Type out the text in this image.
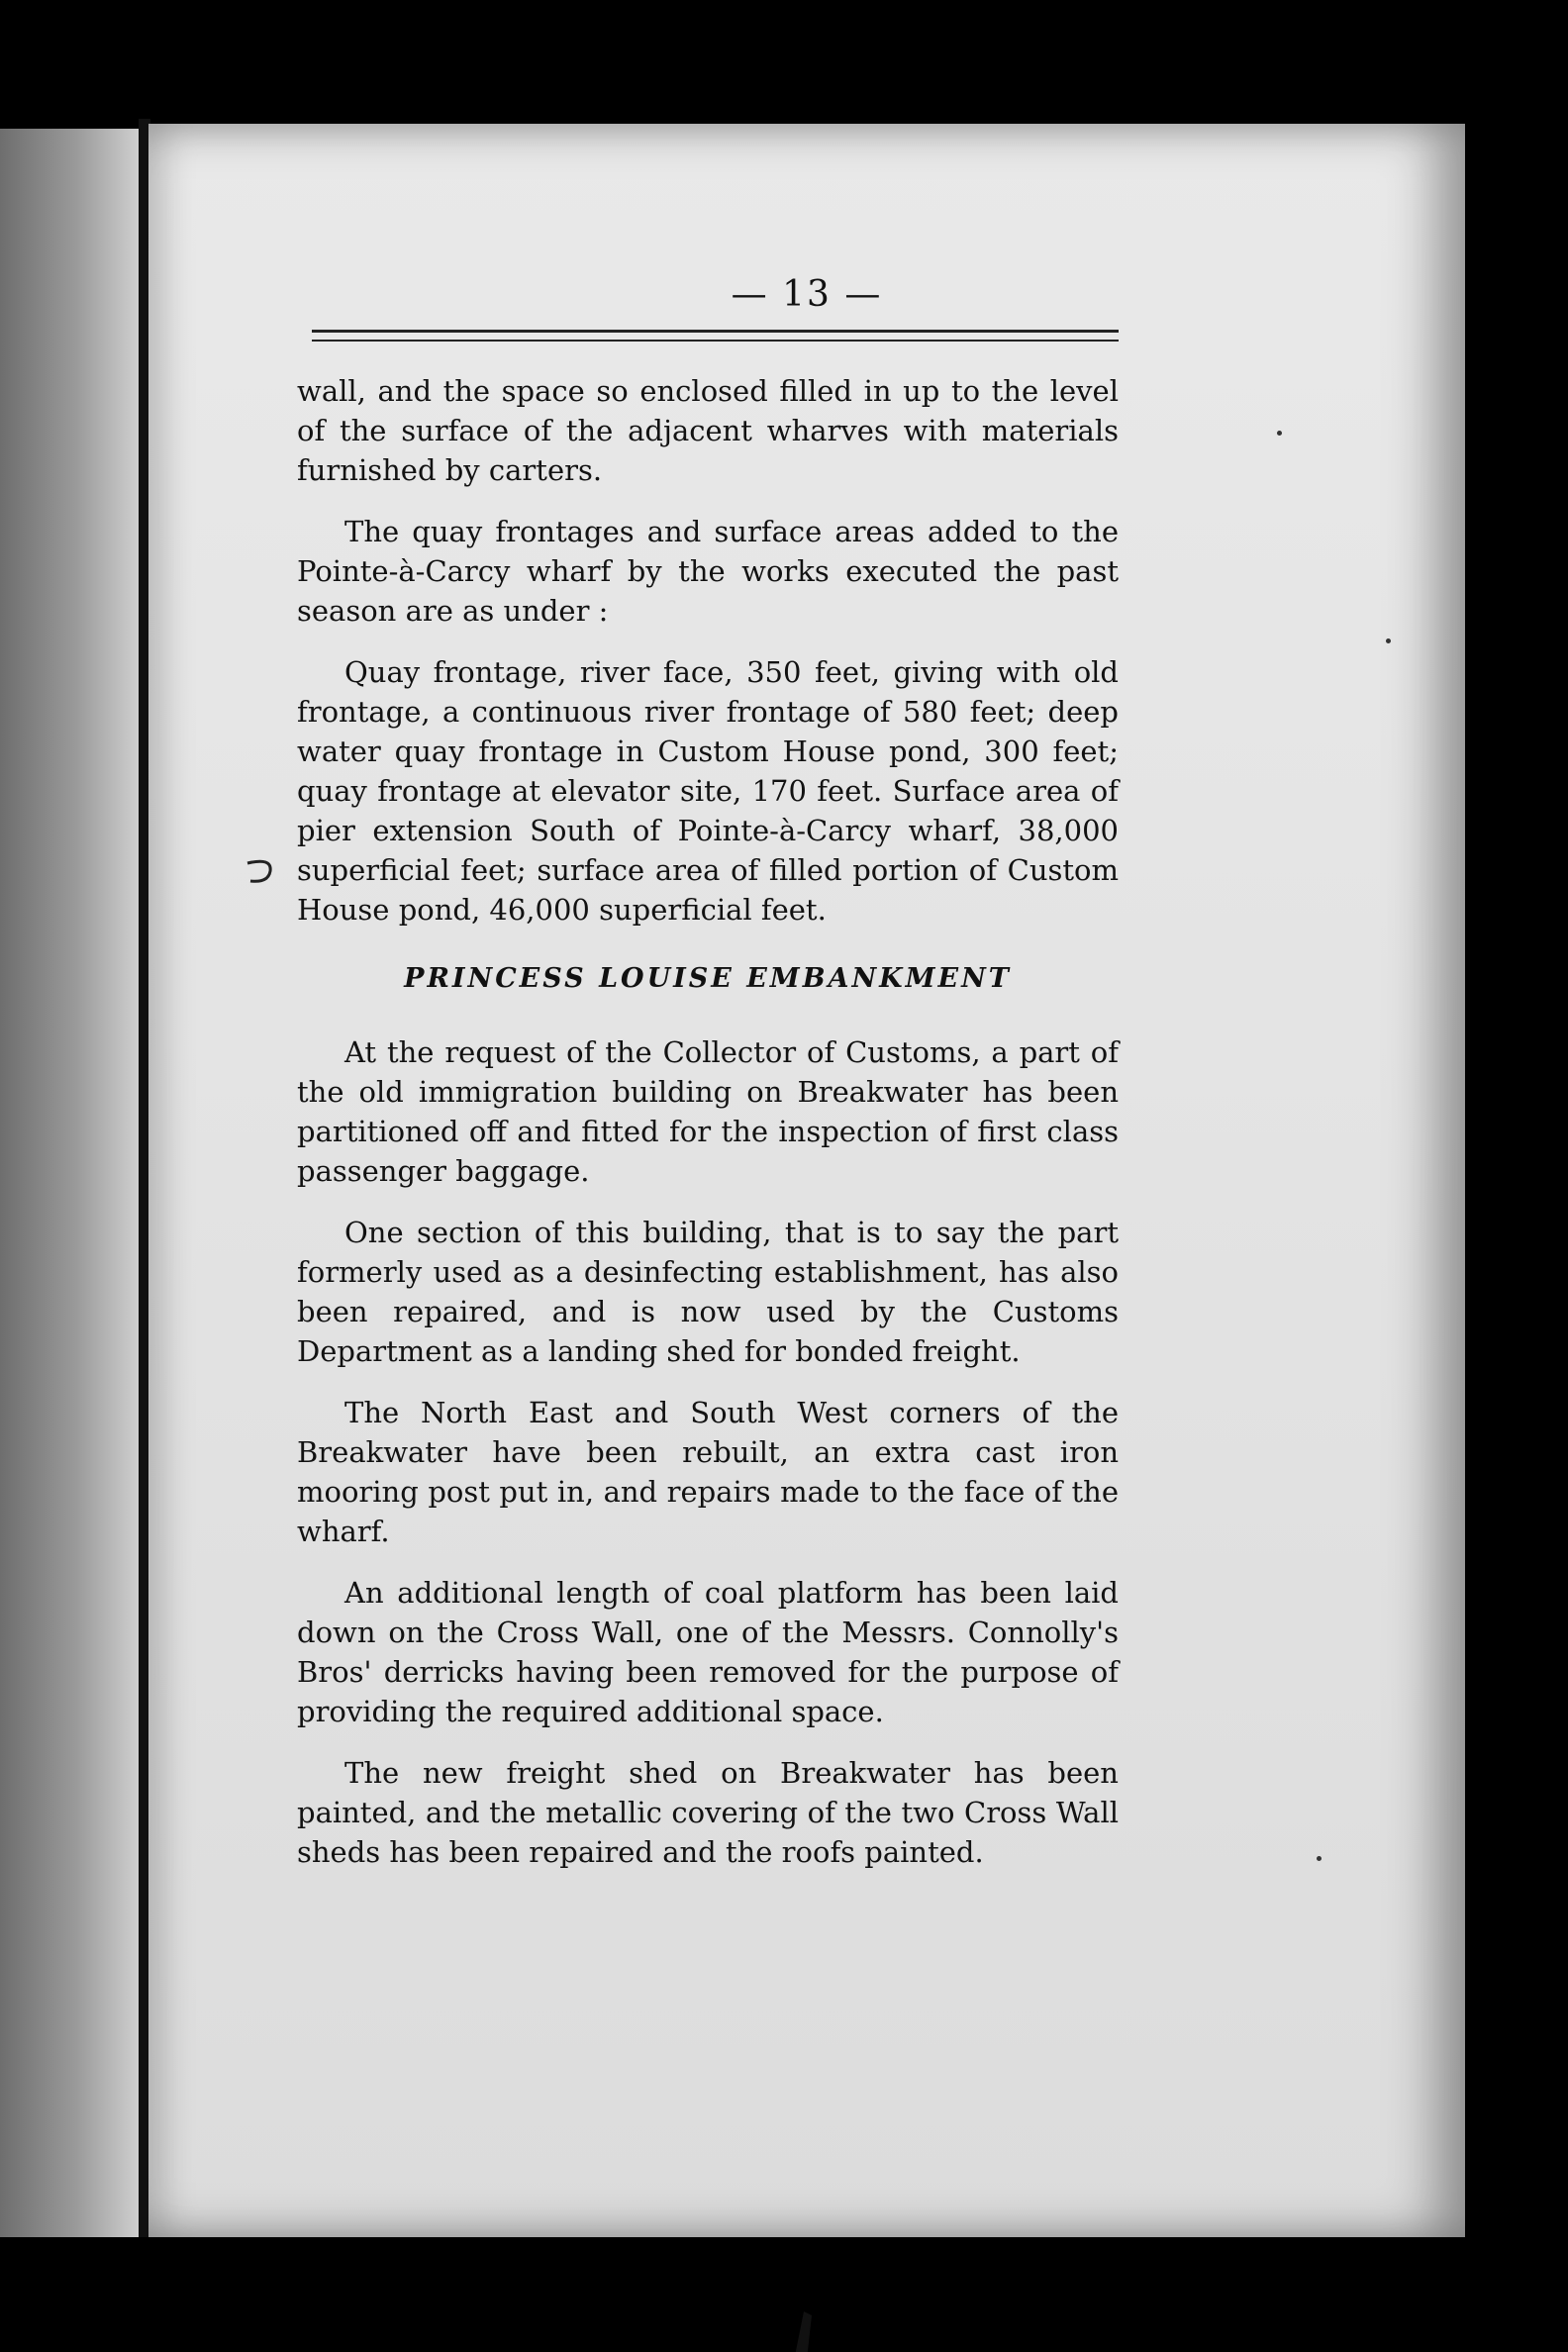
— 13 —

wall, and the space so enclosed filled in up to the level of the surface of the adjacent wharves with materials furnished by carters.

The quay frontages and surface areas added to the Pointe-à-Carcy wharf by the works executed the past season are as under :

Quay frontage, river face, 350 feet, giving with old frontage, a continuous river frontage of 580 feet; deep water quay frontage in Custom House pond, 300 feet; quay frontage at elevator site, 170 feet. Surface area of pier extension South of Pointe-à-Carcy wharf, 38,000 superficial feet; surface area of filled portion of Custom House pond, 46,000 superficial feet.

PRINCESS LOUISE EMBANKMENT

At the request of the Collector of Customs, a part of the old immigration building on Breakwater has been partitioned off and fitted for the inspection of first class passenger baggage.

One section of this building, that is to say the part formerly used as a desinfecting establishment, has also been repaired, and is now used by the Customs Department as a landing shed for bonded freight.

The North East and South West corners of the Breakwater have been rebuilt, an extra cast iron mooring post put in, and repairs made to the face of the wharf.

An additional length of coal platform has been laid down on the Cross Wall, one of the Messrs. Connolly's Bros' derricks having been removed for the purpose of providing the required additional space.

The new freight shed on Breakwater has been painted, and the metallic covering of the two Cross Wall sheds has been repaired and the roofs painted.
